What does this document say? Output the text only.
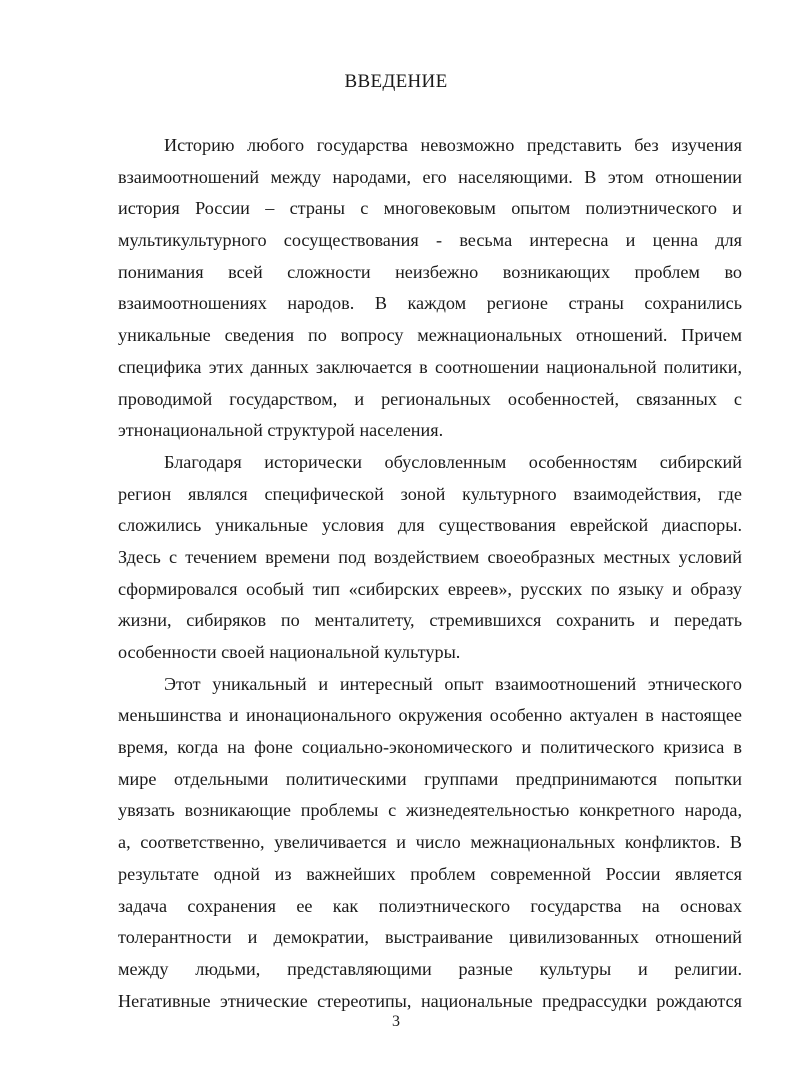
ВВЕДЕНИЕ
Историю любого государства невозможно представить без изучения
взаимоотношений между народами, его населяющими. В этом отношении
история России – страны с многовековым опытом полиэтнического и
мультикультурного сосуществования - весьма интересна и ценна для
понимания всей сложности неизбежно возникающих проблем во
взаимоотношениях народов. В каждом регионе страны сохранились
уникальные сведения по вопросу межнациональных отношений. Причем
специфика этих данных заключается в соотношении национальной политики,
проводимой государством, и региональных особенностей, связанных с
этнонациональной структурой населения.
Благодаря исторически обусловленным особенностям сибирский
регион являлся специфической зоной культурного взаимодействия, где
сложились уникальные условия для существования еврейской диаспоры.
Здесь с течением времени под воздействием своеобразных местных условий
сформировался особый тип «сибирских евреев», русских по языку и образу
жизни, сибиряков по менталитету, стремившихся сохранить и передать
особенности своей национальной культуры.
Этот уникальный и интересный опыт взаимоотношений этнического
меньшинства и инонационального окружения особенно актуален в настоящее
время, когда на фоне социально-экономического и политического кризиса в
мире отдельными политическими группами предпринимаются попытки
увязать возникающие проблемы с жизнедеятельностью конкретного народа,
а, соответственно, увеличивается и число межнациональных конфликтов. В
результате одной из важнейших проблем современной России является
задача сохранения ее как полиэтнического государства на основах
толерантности и демократии, выстраивание цивилизованных отношений
между людьми, представляющими разные культуры и религии.
Негативные этнические стереотипы, национальные предрассудки рождаются
3
